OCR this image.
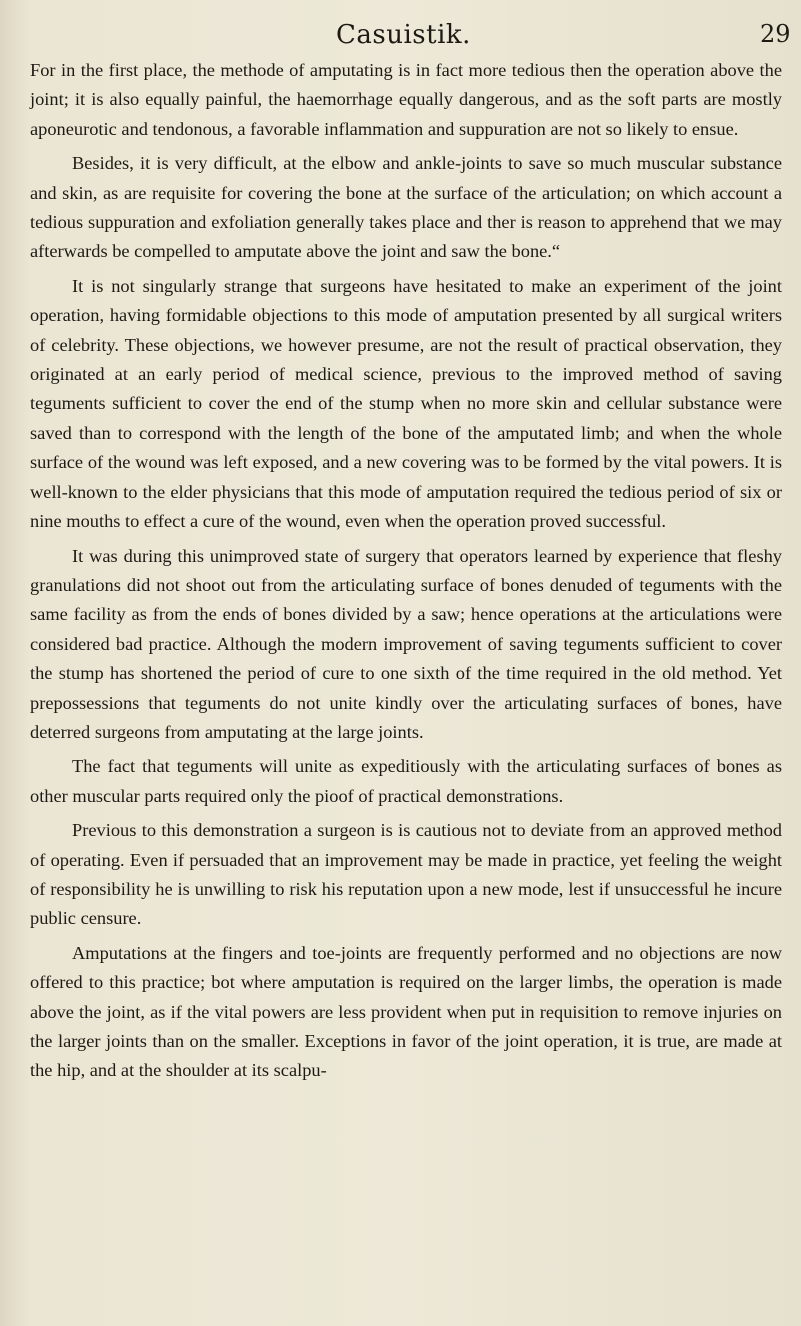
Casuistik.	29

For in the first place, the methode of amputating is in fact more tedious then the operation above the joint; it is also equally painful, the haemorrhage equally dangerous, and as the soft parts are mostly aponeurotic and tendonous, a favorable inflammation and suppuration are not so likely to ensue.

Besides, it is very difficult, at the elbow and ankle-joints to save so much muscular substance and skin, as are requisite for covering the bone at the surface of the articulation; on which account a tedious suppuration and exfoliation generally takes place and ther is reason to apprehend that we may afterwards be compelled to amputate above the joint and saw the bone.“

It is not singularly strange that surgeons have hesitated to make an experiment of the joint operation, having formidable objections to this mode of amputation presented by all surgical writers of celebrity. These objections, we however presume, are not the result of practical observation, they originated at an early period of medical science, previous to the improved method of saving teguments sufficient to cover the end of the stump when no more skin and cellular substance were saved than to correspond with the length of the bone of the amputated limb; and when the whole surface of the wound was left exposed, and a new covering was to be formed by the vital powers. It is well-known to the elder physicians that this mode of amputation required the tedious period of six or nine mouths to effect a cure of the wound, even when the operation proved successful.

It was during this unimproved state of surgery that operators learned by experience that fleshy granulations did not shoot out from the articulating surface of bones denuded of teguments with the same facility as from the ends of bones divided by a saw; hence operations at the articulations were considered bad practice. Although the modern improvement of saving teguments sufficient to cover the stump has shortened the period of cure to one sixth of the time required in the old method. Yet prepossessions that teguments do not unite kindly over the articulating surfaces of bones, have deterred surgeons from amputating at the large joints.

The fact that teguments will unite as expeditiously with the articulating surfaces of bones as other muscular parts required only the pioof of practical demonstrations.

Previous to this demonstration a surgeon is is cautious not to deviate from an approved method of operating. Even if persuaded that an improvement may be made in practice, yet feeling the weight of responsibility he is unwilling to risk his reputation upon a new mode, lest if unsuccessful he incure public censure.

Amputations at the fingers and toe-joints are frequently performed and no objections are now offered to this practice; bot where amputation is required on the larger limbs, the operation is made above the joint, as if the vital powers are less provident when put in requisition to remove injuries on the larger joints than on the smaller. Exceptions in favor of the joint operation, it is true, are made at the hip, and at the shoulder at its scalpu-
